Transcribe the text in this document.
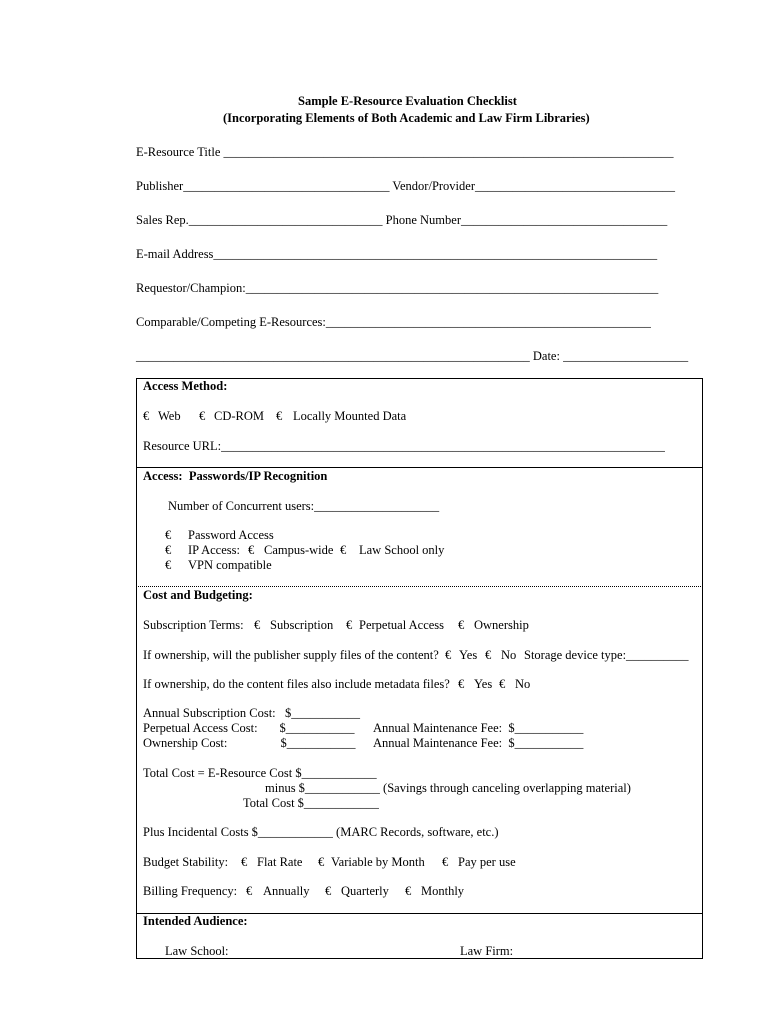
Sample E-Resource Evaluation Checklist
(Incorporating Elements of Both Academic and Law Firm Libraries)
E-Resource Title ________________________________________________________________________
Publisher_________________________________ Vendor/Provider________________________________
Sales Rep._______________________________ Phone Number_________________________________
E-mail Address_______________________________________________________________________
Requestor/Champion:__________________________________________________________________
Comparable/Competing E-Resources:____________________________________________________
_______________________________________________________________ Date: ____________________
Access Method:
€ Web € CD-ROM € Locally Mounted Data
Resource URL:_______________________________________________________________________
Access:  Passwords/IP Recognition
Number of Concurrent users:____________________
€ Password Access
€ IP Access: € Campus-wide € Law School only
€ VPN compatible
Cost and Budgeting:
Subscription Terms: € Subscription € Perpetual Access € Ownership
If ownership, will the publisher supply files of the content? € Yes € No Storage device type:__________
If ownership, do the content files also include metadata files? € Yes € No
Annual Subscription Cost:   $___________
Perpetual Access Cost:       $___________ Annual Maintenance Fee:  $___________
Ownership Cost:                 $___________ Annual Maintenance Fee:  $___________
Total Cost = E-Resource Cost $____________
minus $____________ (Savings through canceling overlapping material)
Total Cost $____________
Plus Incidental Costs $____________ (MARC Records, software, etc.)
Budget Stability: € Flat Rate € Variable by Month € Pay per use
Billing Frequency: € Annually € Quarterly € Monthly
Intended Audience:
Law School:	Law Firm:
